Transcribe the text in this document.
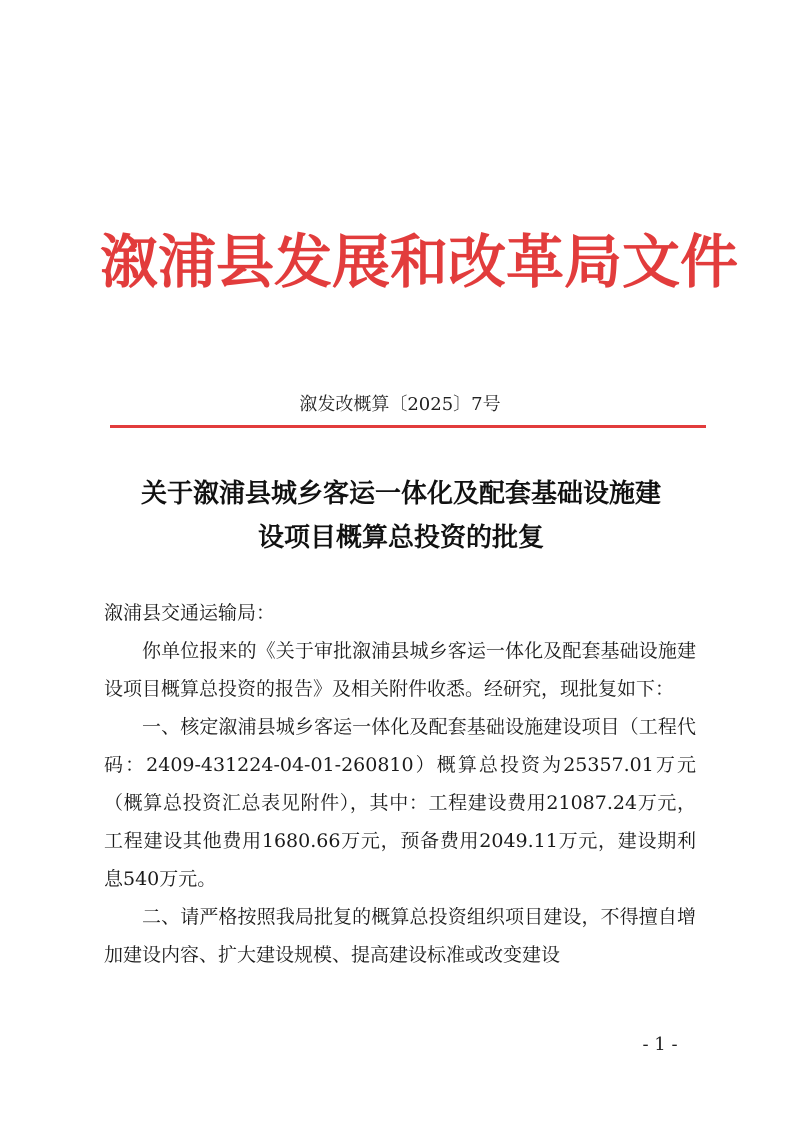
溆浦县发展和改革局文件
溆发改概算〔2025〕7号
关于溆浦县城乡客运一体化及配套基础设施建
设项目概算总投资的批复

溆浦县交通运输局：

你单位报来的《关于审批溆浦县城乡客运一体化及配套基础设施建设项目概算总投资的报告》及相关附件收悉。经研究，现批复如下：

一、核定溆浦县城乡客运一体化及配套基础设施建设项目（工程代码：2409-431224-04-01-260810）概算总投资为25357.01万元（概算总投资汇总表见附件），其中：工程建设费用21087.24万元，工程建设其他费用1680.66万元，预备费用2049.11万元，建设期利息540万元。

二、请严格按照我局批复的概算总投资组织项目建设，不得擅自增加建设内容、扩大建设规模、提高建设标准或改变建设

- 1 -
